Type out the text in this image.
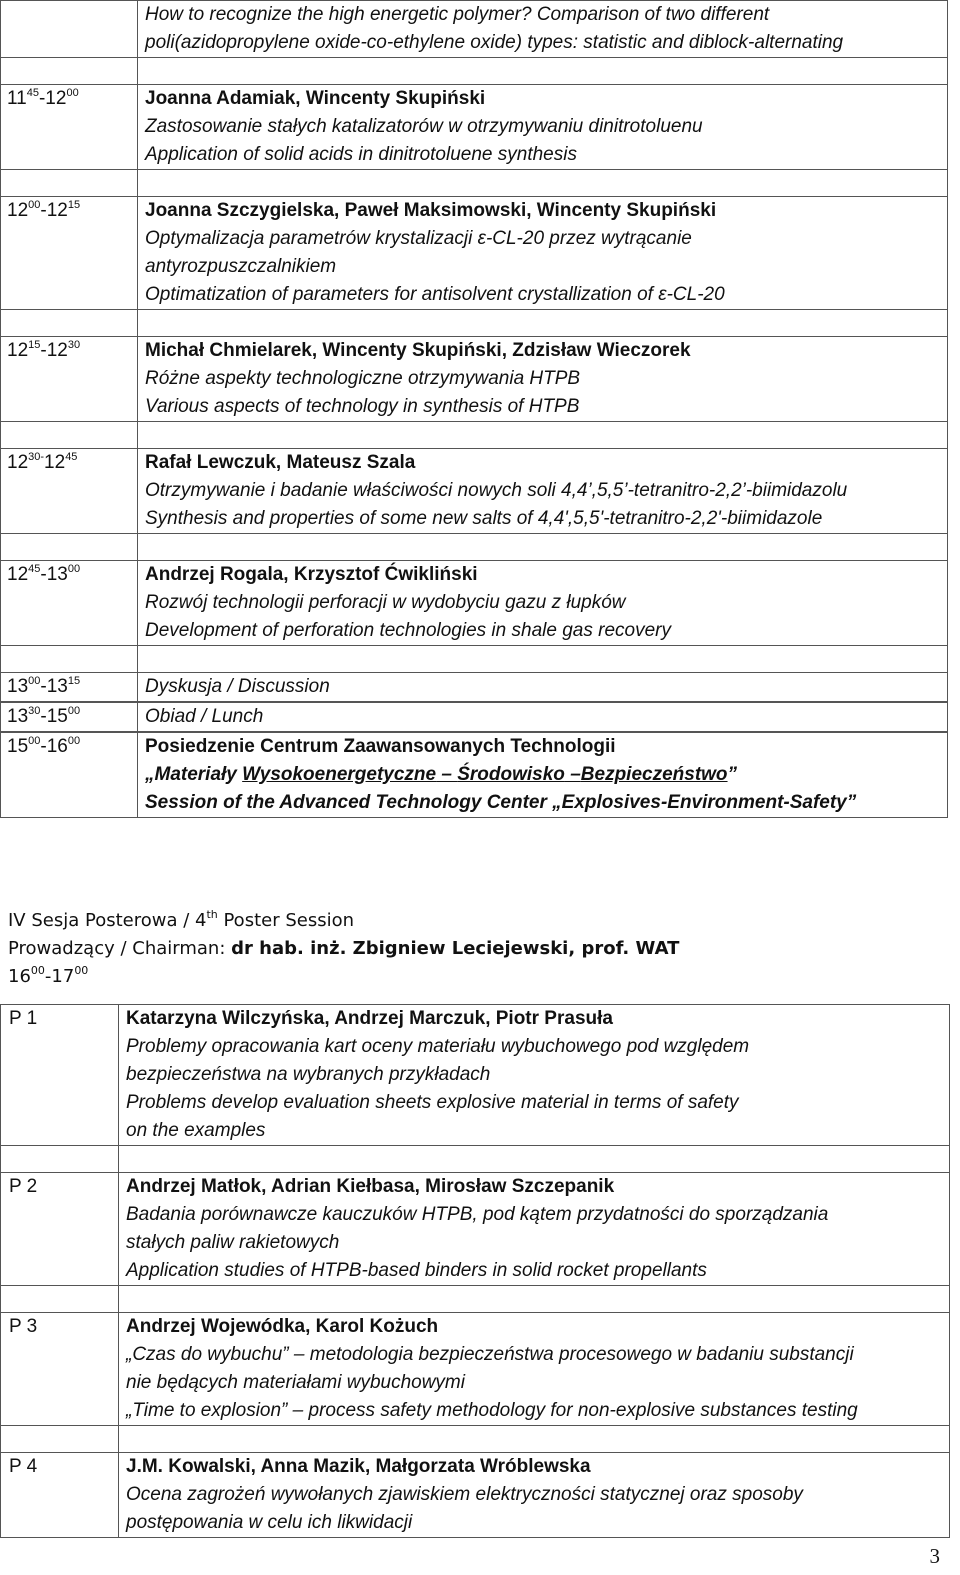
	How to recognize the high energetic polymer? Comparison of two different
poli(azidopropylene oxide-co-ethylene oxide) types: statistic and diblock-alternating

$11^{45}-12^{00}$	Joanna Adamiak, Wincenty Skupiński
Zastosowanie stałych katalizatorów w otrzymywaniu dinitrotoluenu
Application of solid acids in dinitrotoluene synthesis

$12^{00}-12^{15}$	Joanna Szczygielska, Paweł Maksimowski, Wincenty Skupiński
Optymalizacja parametrów krystalizacji ε-CL-20 przez wytrącanie
antyrozpuszczalnikiem
Optimatization of parameters for antisolvent crystallization of ε-CL-20

$12^{15}-12^{30}$	Michał Chmielarek, Wincenty Skupiński, Zdzisław Wieczorek
Różne aspekty technologiczne otrzymywania HTPB
Various aspects of technology in synthesis of HTPB

$12^{30-}12^{45}$	Rafał Lewczuk, Mateusz Szala
Otrzymywanie i badanie właściwości nowych soli 4,4’,5,5’-tetranitro-2,2’-biimidazolu
Synthesis and properties of some new salts of 4,4',5,5'-tetranitro-2,2'-biimidazole

$12^{45}-13^{00}$	Andrzej Rogala, Krzysztof Ćwikliński
Rozwój technologii perforacji w wydobyciu gazu z łupków
Development of perforation technologies in shale gas recovery

$13^{00}-13^{15}$	Dyskusja / Discussion

$13^{30}-15^{00}$	Obiad / Lunch

$15^{00}-16^{00}$	Posiedzenie Centrum Zaawansowanych Technologii
„Materiały Wysokoenergetyczne – Środowisko –Bezpieczeństwo”
Session of the Advanced Technology Center „Explosives-Environment-Safety”
IV Sesja Posterowa / 4th Poster Session
Prowadzący / Chairman: dr hab. inż. Zbigniew Leciejewski, prof. WAT
$16^{00}-17^{00}$
P 1	Katarzyna Wilczyńska, Andrzej Marczuk, Piotr Prasuła
Problemy opracowania kart oceny materiału wybuchowego pod względem
bezpieczeństwa na wybranych przykładach
Problems develop evaluation sheets explosive material in terms of safety
on the examples

P 2	Andrzej Matłok, Adrian Kiełbasa, Mirosław Szczepanik
Badania porównawcze kauczuków HTPB, pod kątem przydatności do sporządzania
stałych paliw rakietowych
Application studies of HTPB-based binders in solid rocket propellants

P 3	Andrzej Wojewódka, Karol Kożuch
„Czas do wybuchu” – metodologia bezpieczeństwa procesowego w badaniu substancji
nie będących materiałami wybuchowymi
„Time to explosion” – process safety methodology for non-explosive substances testing

P 4	J.M. Kowalski, Anna Mazik, Małgorzata Wróblewska
Ocena zagrożeń wywołanych zjawiskiem elektryczności statycznej oraz sposoby
postępowania w celu ich likwidacji
3
